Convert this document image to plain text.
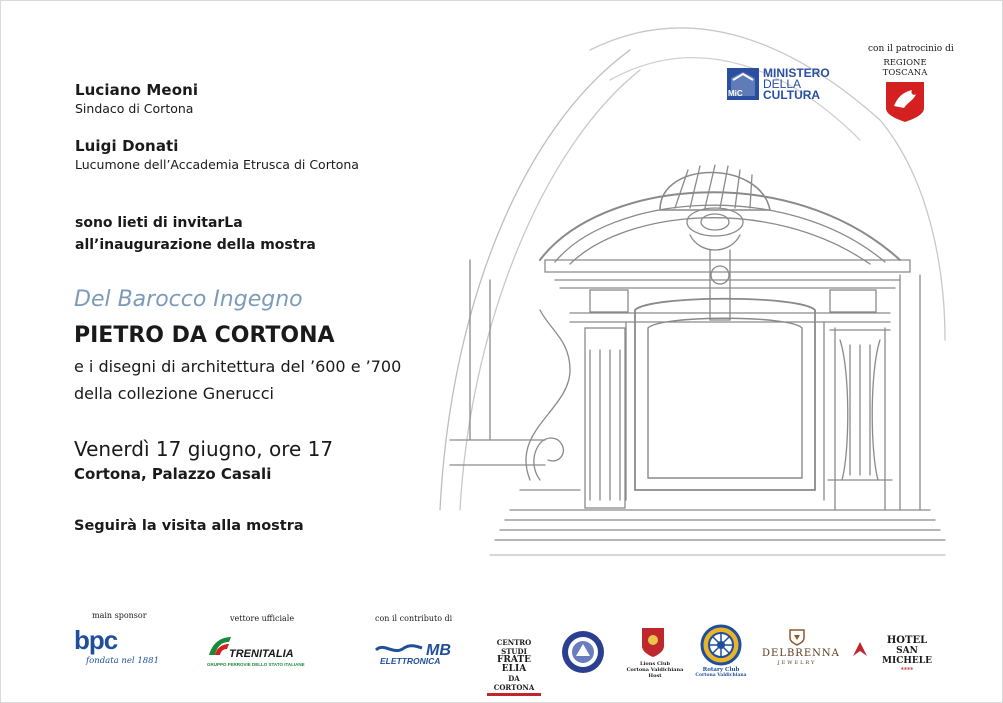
Luciano Meoni
Sindaco di Cortona
Luigi Donati
Lucumone dell’Accademia Etrusca di Cortona
sono lieti di invitarLa
all’inaugurazione della mostra
Del Barocco Ingegno
PIETRO DA CORTONA
e i disegni di architettura del ’600 e ’700
della collezione Gnerucci
Venerdì 17 giugno, ore 17
Cortona, Palazzo Casali
Seguirà la visita alla mostra
con il patrocinio di
MiC
MINISTERO
DELLA
CULTURA
REGIONE
TOSCANA
main sponsor
bpc
fondata nel 1881
vettore ufficiale
TRENITALIA
GRUPPO FERROVIE DELLO STATO ITALIANE
con il contributo di
MB
ELETTRONICA
CENTRO STUDI
FRATE ELIA
DA CORTONA
Lions Club
Cortona Valdichiana Host
Rotary Club
Cortona Valdichiana
DELBRENNA
JEWELRY
HOTEL
SAN MICHELE
****
